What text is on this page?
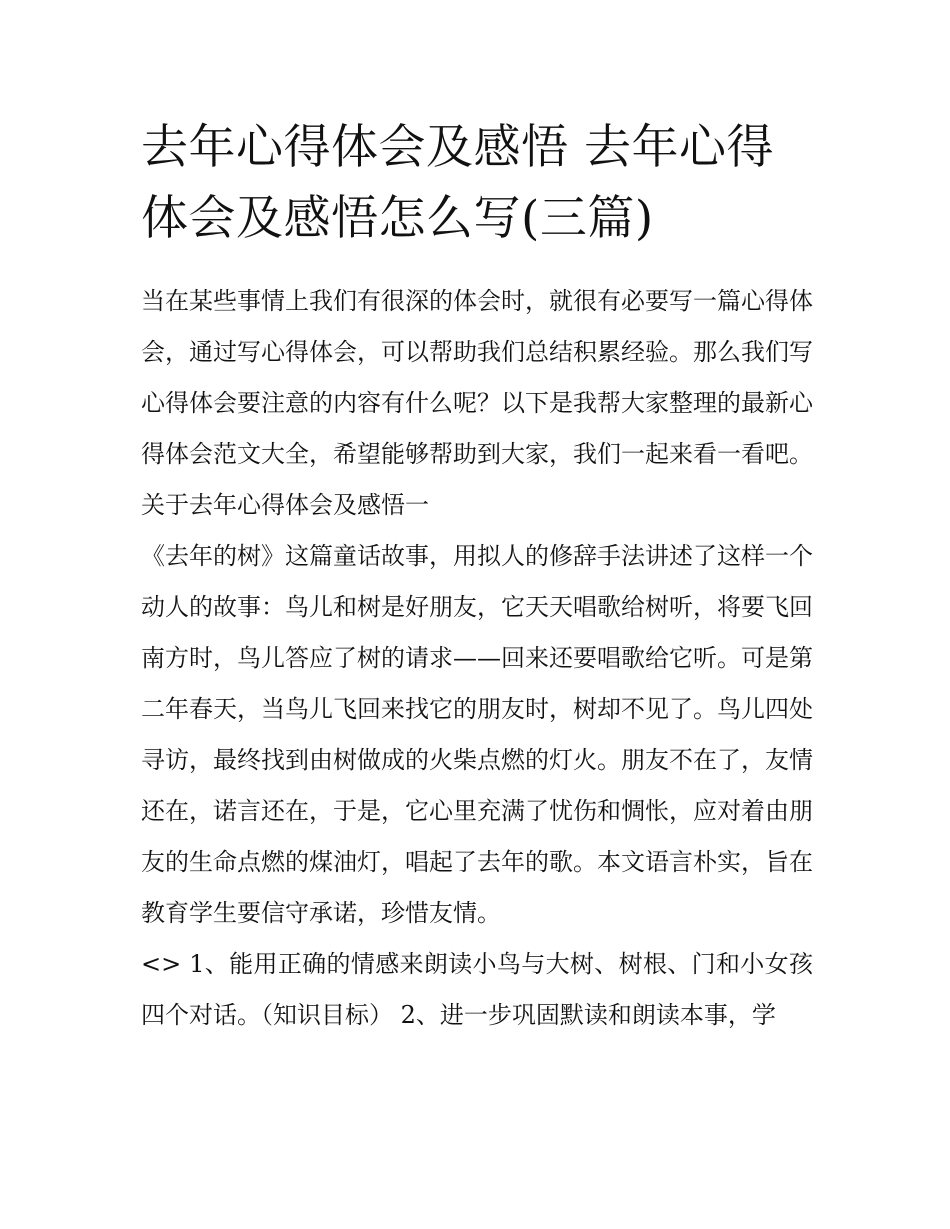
去年心得体会及感悟 去年心得体会及感悟怎么写(三篇)

当在某些事情上我们有很深的体会时，就很有必要写一篇心得体会，通过写心得体会，可以帮助我们总结积累经验。那么我们写心得体会要注意的内容有什么呢？以下是我帮大家整理的最新心得体会范文大全，希望能够帮助到大家，我们一起来看一看吧。

关于去年心得体会及感悟一

《去年的树》这篇童话故事，用拟人的修辞手法讲述了这样一个动人的故事：鸟儿和树是好朋友，它天天唱歌给树听，将要飞回南方时，鸟儿答应了树的请求——回来还要唱歌给它听。可是第二年春天，当鸟儿飞回来找它的朋友时，树却不见了。鸟儿四处寻访，最终找到由树做成的火柴点燃的灯火。朋友不在了，友情还在，诺言还在，于是，它心里充满了忧伤和惆怅，应对着由朋友的生命点燃的煤油灯，唱起了去年的歌。本文语言朴实，旨在教育学生要信守承诺，珍惜友情。

<> 1、能用正确的情感来朗读小鸟与大树、树根、门和小女孩四个对话。（知识目标） 2、进一步巩固默读和朗读本事，学
